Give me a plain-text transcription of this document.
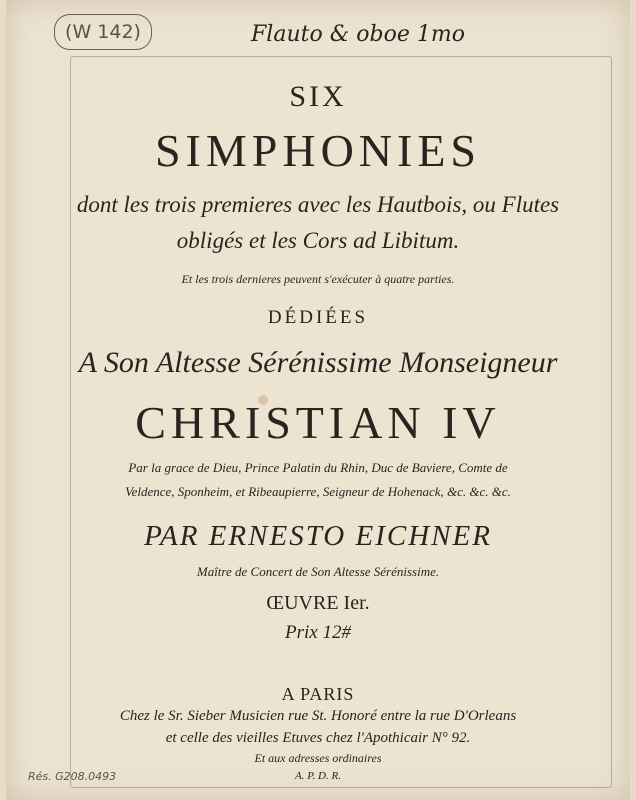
(W 142)	Flauto & oboe 1mo
SIX
SIMPHONIES
dont les trois premieres avec les Hautbois, ou Flutes
obligés et les Cors ad Libitum.
Et les trois dernieres peuvent s'exécuter à quatre parties.
DÉDIÉES
A Son Altesse Sérénissime Monseigneur
CHRISTIAN IV
Par la grace de Dieu, Prince Palatin du Rhin, Duc de Baviere, Comte de
Veldence, Sponheim, et Ribeaupierre, Seigneur de Hohenack, &c. &c. &c.
PAR ERNESTO EICHNER
Maître de Concert de Son Altesse Sérénissime.
ŒUVRE Ier.
Prix 12#
A PARIS
Chez le Sr. Sieber Musicien rue St. Honoré entre la rue D'Orleans
et celle des vieilles Etuves chez l'Apothicair N° 92.
Et aux adresses ordinaires
A. P. D. R.
Rés. G208.0493
